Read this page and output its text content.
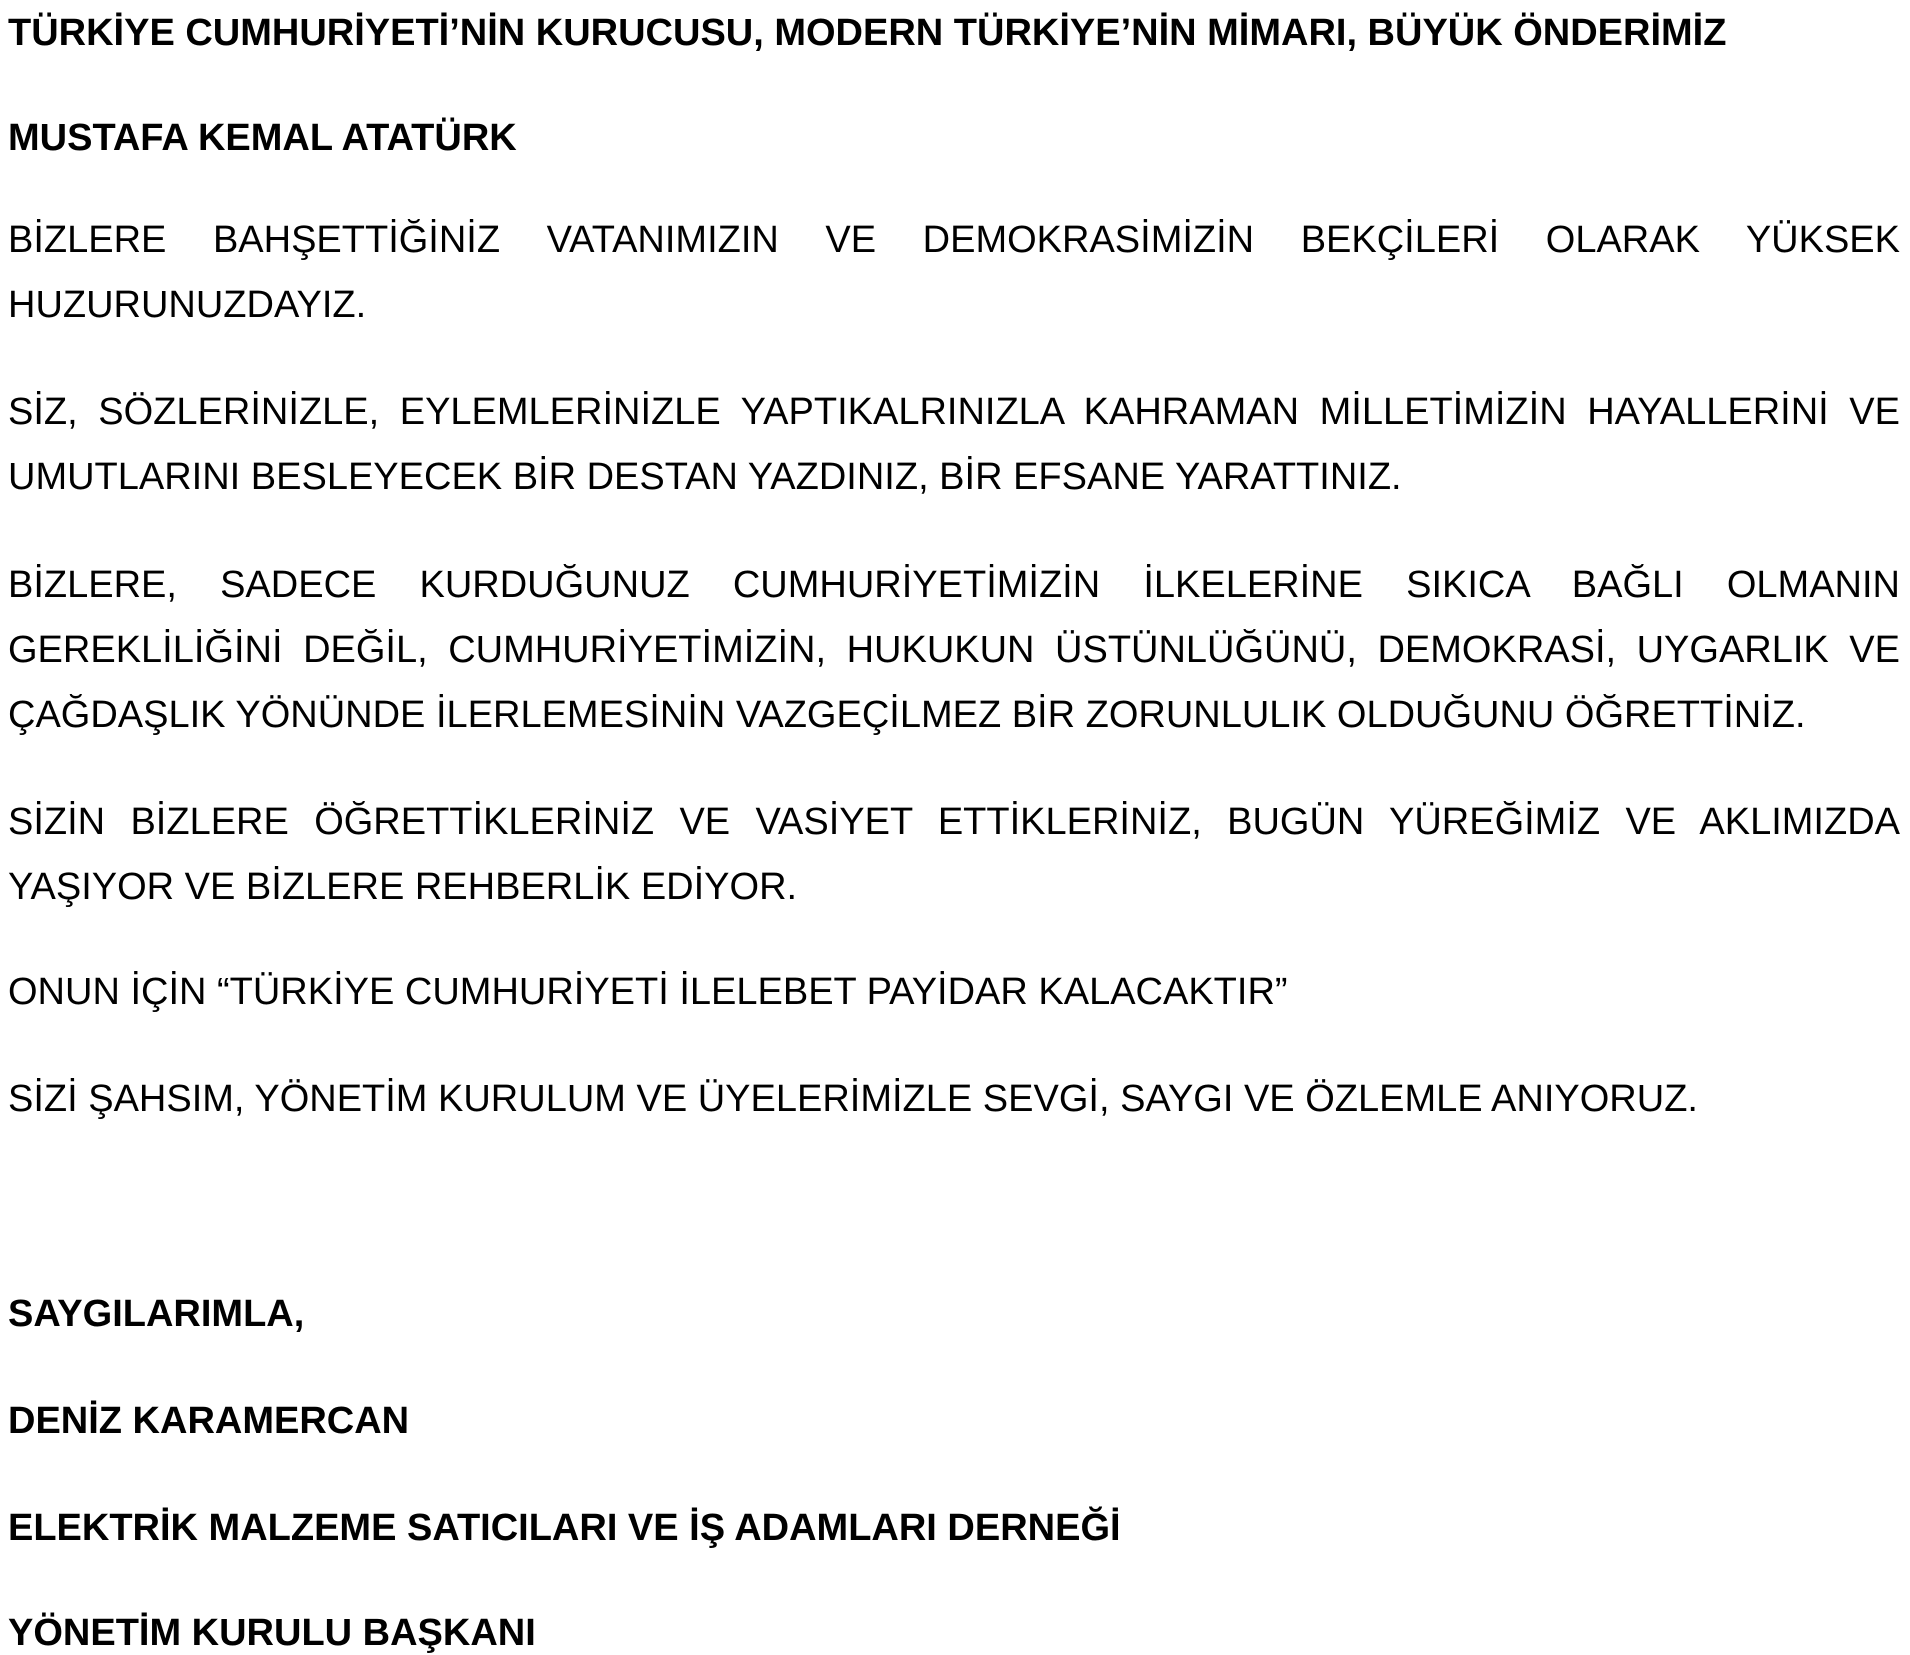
TÜRKİYE CUMHURİYETİ’NİN KURUCUSU, MODERN TÜRKİYE’NİN MİMARI, BÜYÜK ÖNDERİMİZ
MUSTAFA KEMAL ATATÜRK
BİZLERE BAHŞETTİĞİNİZ VATANIMIZIN VE DEMOKRASİMİZİN BEKÇİLERİ OLARAK YÜKSEK
HUZURUNUZDAYIZ.
SİZ, SÖZLERİNİZLE, EYLEMLERİNİZLE YAPTIKALRINIZLA KAHRAMAN MİLLETİMİZİN HAYALLERİNİ VE
UMUTLARINI BESLEYECEK BİR DESTAN YAZDINIZ, BİR EFSANE YARATTINIZ.
BİZLERE, SADECE KURDUĞUNUZ CUMHURİYETİMİZİN İLKELERİNE SIKICA BAĞLI OLMANIN
GEREKLİLİĞİNİ DEĞİL, CUMHURİYETİMİZİN, HUKUKUN ÜSTÜNLÜĞÜNÜ, DEMOKRASİ, UYGARLIK VE
ÇAĞDAŞLIK YÖNÜNDE İLERLEMESİNİN VAZGEÇİLMEZ BİR ZORUNLULIK OLDUĞUNU ÖĞRETTİNİZ.
SİZİN BİZLERE ÖĞRETTİKLERİNİZ VE VASİYET ETTİKLERİNİZ, BUGÜN YÜREĞİMİZ VE AKLIMIZDA
YAŞIYOR VE BİZLERE REHBERLİK EDİYOR.
ONUN İÇİN “TÜRKİYE CUMHURİYETİ İLELEBET PAYİDAR KALACAKTIR”
SİZİ ŞAHSIM, YÖNETİM KURULUM VE ÜYELERİMİZLE SEVGİ, SAYGI VE ÖZLEMLE ANIYORUZ.
SAYGILARIMLA,
DENİZ KARAMERCAN
ELEKTRİK MALZEME SATICILARI VE İŞ ADAMLARI DERNEĞİ
YÖNETİM KURULU BAŞKANI
